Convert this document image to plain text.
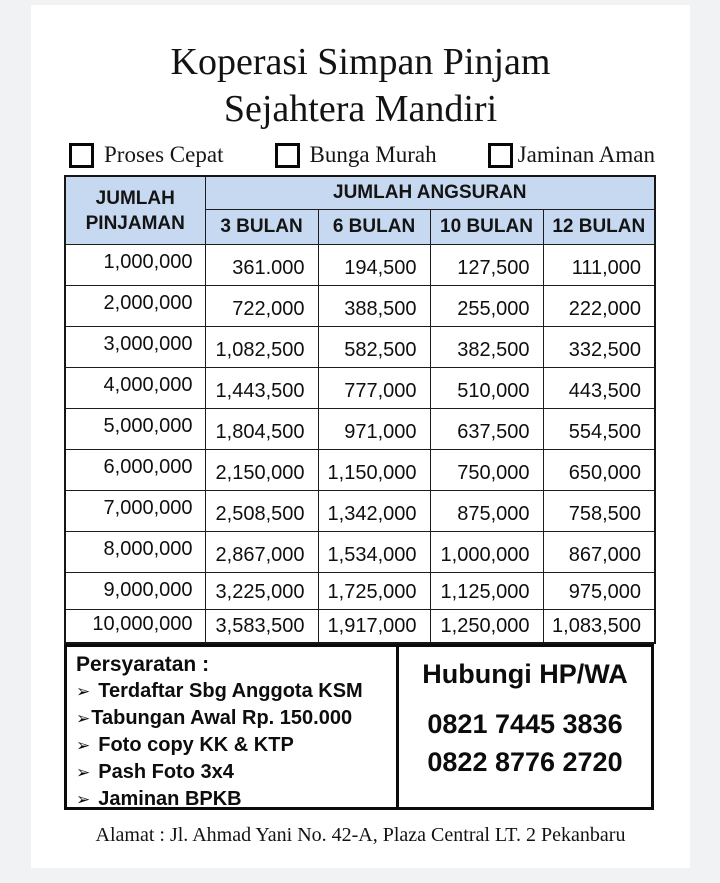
Koperasi Simpan Pinjam
Sejahtera Mandiri
Proses Cepat	Bunga Murah	Jaminan Aman
JUMLAH
PINJAMAN	JUMLAH ANGSURAN			
	3 BULAN	6 BULAN	10 BULAN	12 BULAN
1,000,000	361.000	194,500	127,500	111,000
2,000,000	722,000	388,500	255,000	222,000
3,000,000	1,082,500	582,500	382,500	332,500
4,000,000	1,443,500	777,000	510,000	443,500
5,000,000	1,804,500	971,000	637,500	554,500
6,000,000	2,150,000	1,150,000	750,000	650,000
7,000,000	2,508,500	1,342,000	875,000	758,500
8,000,000	2,867,000	1,534,000	1,000,000	867,000
9,000,000	3,225,000	1,725,000	1,125,000	975,000
10,000,000	3,583,500	1,917,000	1,250,000	1,083,500
Persyaratan :
➢ Terdaftar Sbg Anggota KSM
➢ Tabungan Awal Rp. 150.000
➢ Foto copy KK & KTP
➢ Pash Foto 3x4
➢ Jaminan BPKB
Hubungi HP/WA
0821 7445 3836
0822 8776 2720
Alamat : Jl. Ahmad Yani No. 42-A, Plaza Central LT. 2 Pekanbaru
